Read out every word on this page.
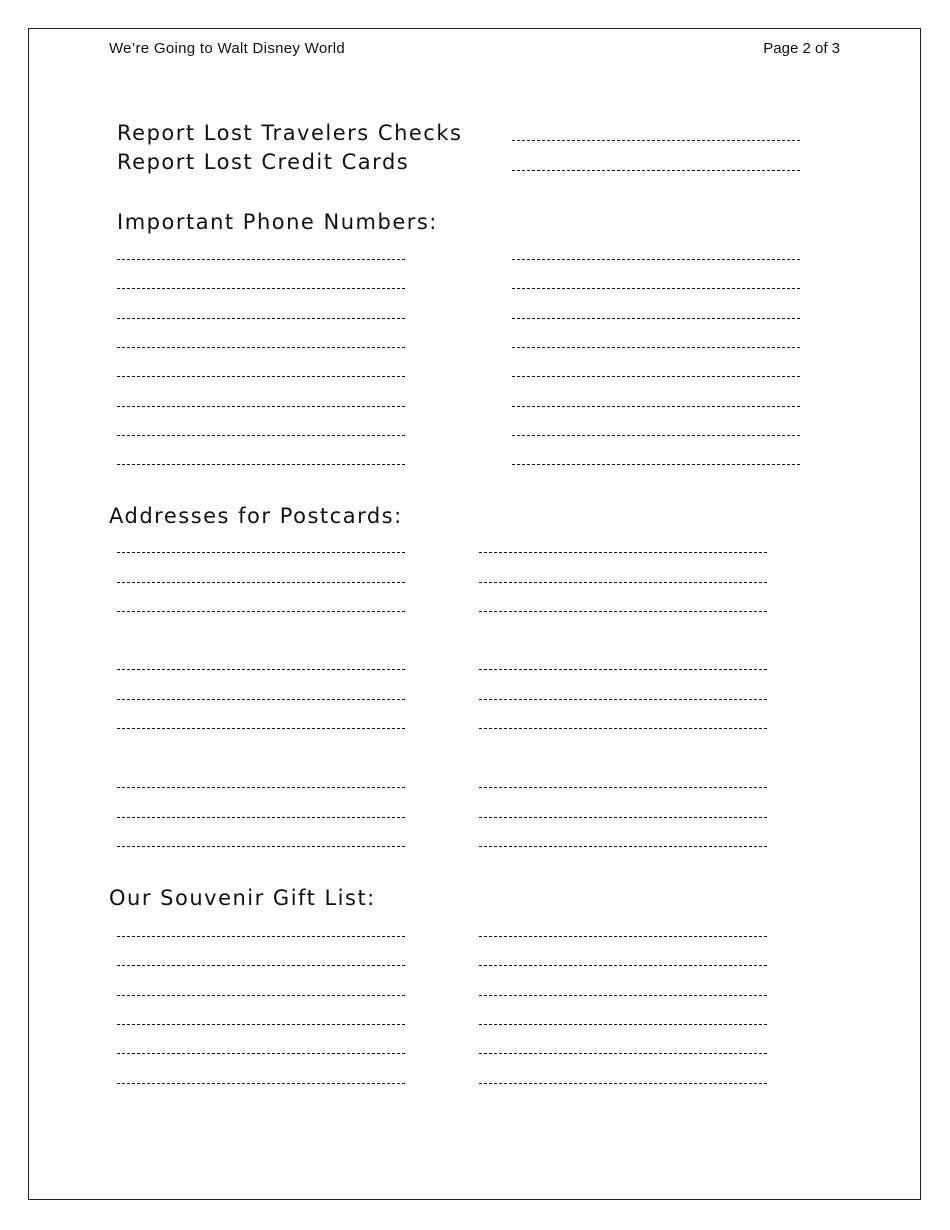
We’re Going to Walt Disney World	Page 2 of 3
Report Lost Travelers Checks
Report Lost Credit Cards
Important Phone Numbers:
Addresses for Postcards:
Our Souvenir Gift List:
